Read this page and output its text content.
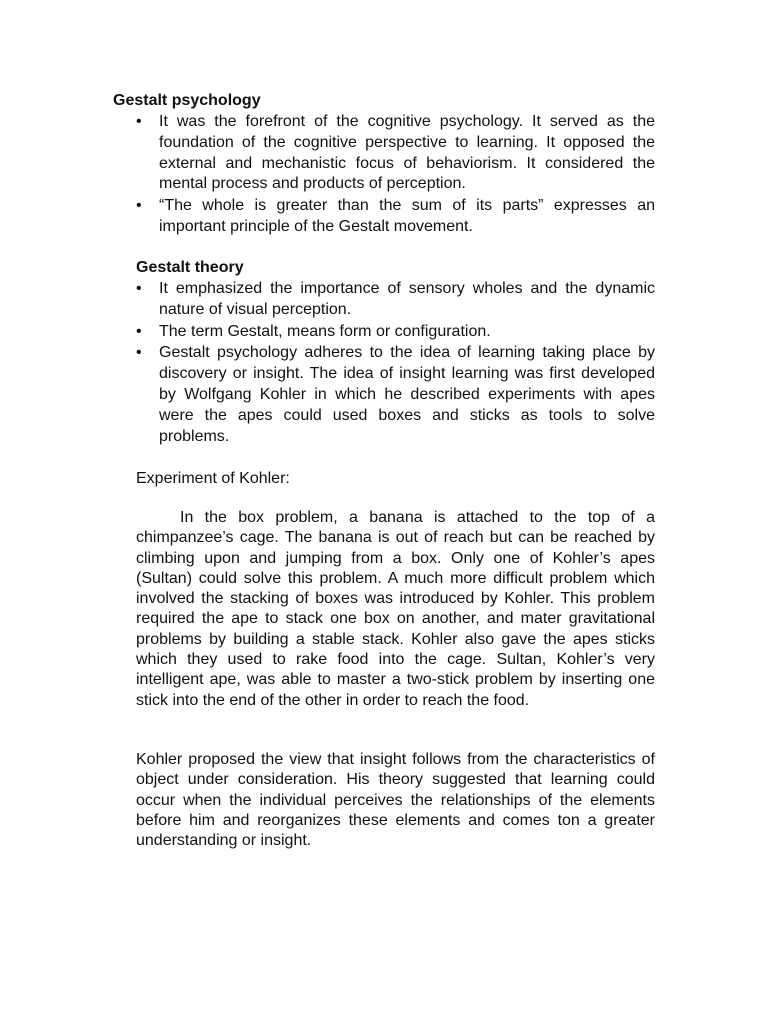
Gestalt psychology
• It was the forefront of the cognitive psychology. It served as the foundation of the cognitive perspective to learning. It opposed the external and mechanistic focus of behaviorism. It considered the mental process and products of perception.
• “The whole is greater than the sum of its parts” expresses an important principle of the Gestalt movement.
Gestalt theory
• It emphasized the importance of sensory wholes and the dynamic nature of visual perception.
• The term Gestalt, means form or configuration.
• Gestalt psychology adheres to the idea of learning taking place by discovery or insight. The idea of insight learning was first developed by Wolfgang Kohler in which he described experiments with apes were the apes could used boxes and sticks as tools to solve problems.

Experiment of Kohler:

In the box problem, a banana is attached to the top of a chimpanzee’s cage. The banana is out of reach but can be reached by climbing upon and jumping from a box. Only one of Kohler’s apes (Sultan) could solve this problem. A much more difficult problem which involved the stacking of boxes was introduced by Kohler. This problem required the ape to stack one box on another, and mater gravitational problems by building a stable stack. Kohler also gave the apes sticks which they used to rake food into the cage. Sultan, Kohler’s very intelligent ape, was able to master a two-stick problem by inserting one stick into the end of the other in order to reach the food.

Kohler proposed the view that insight follows from the characteristics of object under consideration. His theory suggested that learning could occur when the individual perceives the relationships of the elements before him and reorganizes these elements and comes ton a greater understanding or insight.
